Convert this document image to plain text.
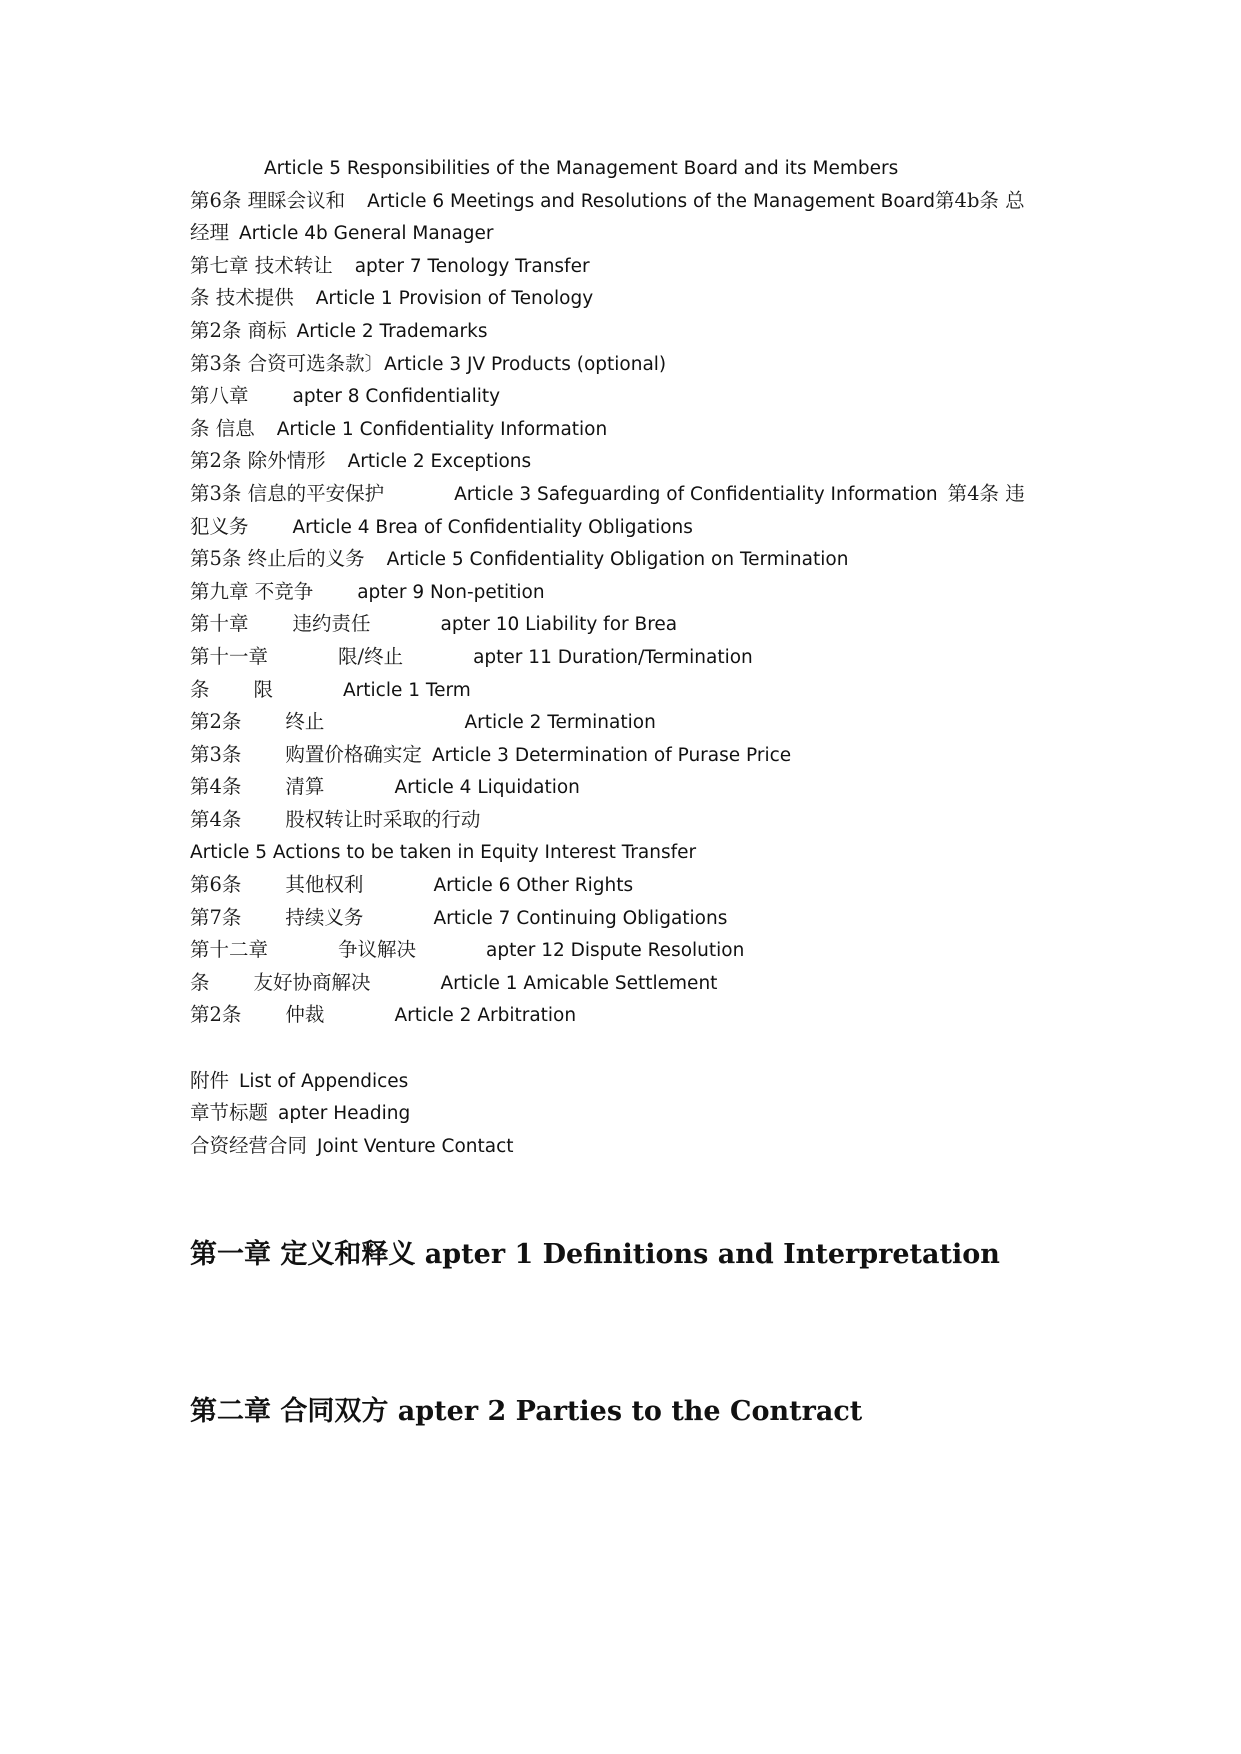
Article 5 Responsibilities of the Management Board and its Members
第6条 理睬会议和 Article 6 Meetings and Resolutions of the Management Board第4b条 总
经理 Article 4b General Manager
第七章 技术转让 apter 7 Tenology Transfer
条 技术提供 Article 1 Provision of Tenology
第2条 商标 Article 2 Trademarks
第3条 合资可选条款〕Article 3 JV Products (optional)
第八章 apter 8 Confidentiality
条 信息 Article 1 Confidentiality Information
第2条 除外情形 Article 2 Exceptions
第3条 信息的平安保护	Article 3 Safeguarding of Confidentiality Information 第4条 违
犯义务 Article 4 Brea of Confidentiality Obligations
第5条 终止后的义务 Article 5 Confidentiality Obligation on Termination
第九章 不竞争 apter 9 Non-petition
第十章 违约责任	apter 10 Liability for Brea
第十一章	限/终止	apter 11 Duration/Termination
条 限	Article 1 Term
第2条 终止	Article 2 Termination
第3条 购置价格确实定 Article 3 Determination of Purase Price
第4条 清算	Article 4 Liquidation
第4条 股权转让时采取的行动
Article 5 Actions to be taken in Equity Interest Transfer
第6条 其他权利	Article 6 Other Rights
第7条 持续义务	Article 7 Continuing Obligations
第十二章	争议解决	apter 12 Dispute Resolution
条 友好协商解决	Article 1 Amicable Settlement
第2条 仲裁	Article 2 Arbitration
附件 List of Appendices
章节标题 apter Heading
合资经营合同 Joint Venture Contact
第一章 定义和释义 apter 1 Definitions and Interpretation
第二章 合同双方 apter 2 Parties to the Contract
